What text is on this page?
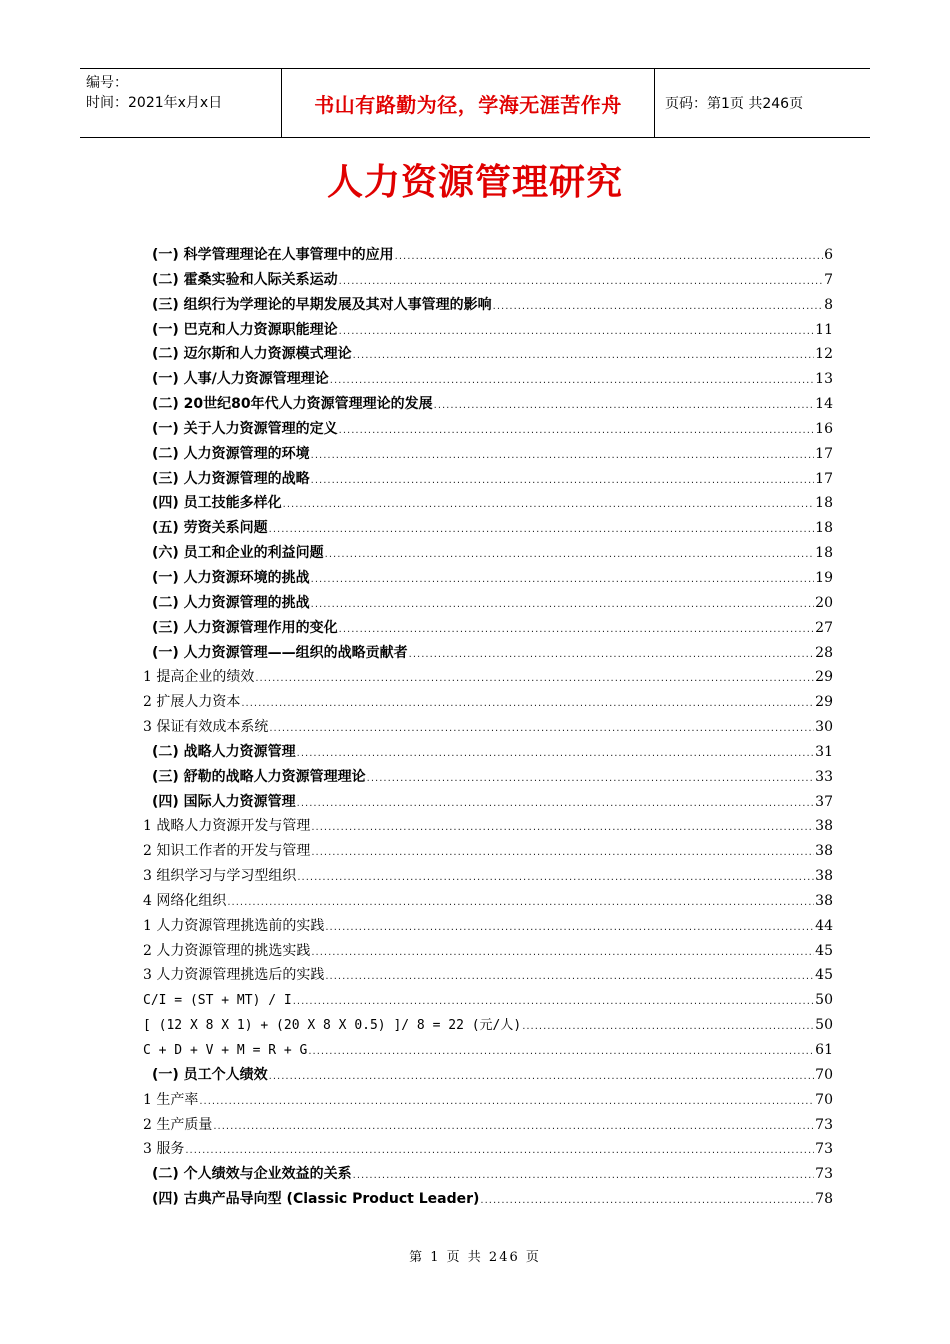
编号：
时间：2021年x月x日	书山有路勤为径，学海无涯苦作舟	页码：第1页 共246页
人力资源管理研究
(一) 科学管理理论在人事管理中的应用 .....	6
(二) 霍桑实验和人际关系运动 .....	7
(三) 组织行为学理论的早期发展及其对人事管理的影响 .....	8
(一) 巴克和人力资源职能理论 .....	11
(二) 迈尔斯和人力资源模式理论 .....	12
(一) 人事/人力资源管理理论 .....	13
(二) 20世纪80年代人力资源管理理论的发展 .....	14
(一) 关于人力资源管理的定义 .....	16
(二) 人力资源管理的环境 .....	17
(三) 人力资源管理的战略 .....	17
(四) 员工技能多样化 .....	18
(五) 劳资关系问题 .....	18
(六) 员工和企业的利益问题 .....	18
(一) 人力资源环境的挑战 .....	19
(二) 人力资源管理的挑战 .....	20
(三) 人力资源管理作用的变化 .....	27
(一) 人力资源管理——组织的战略贡献者 .....	28
1 提高企业的绩效 .....	29
2 扩展人力资本 .....	29
3 保证有效成本系统 .....	30
(二) 战略人力资源管理 .....	31
(三) 舒勒的战略人力资源管理理论 .....	33
(四) 国际人力资源管理 .....	37
1 战略人力资源开发与管理 .....	38
2 知识工作者的开发与管理 .....	38
3 组织学习与学习型组织 .....	38
4 网络化组织 .....	38
1 人力资源管理挑选前的实践 .....	44
2 人力资源管理的挑选实践 .....	45
3 人力资源管理挑选后的实践 .....	45
C/I = (ST + MT) / I .....	50
[ (12 X 8 X 1) + (20 X 8 X 0.5) ]/ 8 = 22 (元/人) .....	50
C + D + V + M = R + G .....	61
(一) 员工个人绩效 .....	70
1 生产率 .....	70
2 生产质量 .....	73
3 服务 .....	73
(二) 个人绩效与企业效益的关系 .....	73
(四) 古典产品导向型 (Classic Product Leader) .....	78
第 1 页 共 246 页
